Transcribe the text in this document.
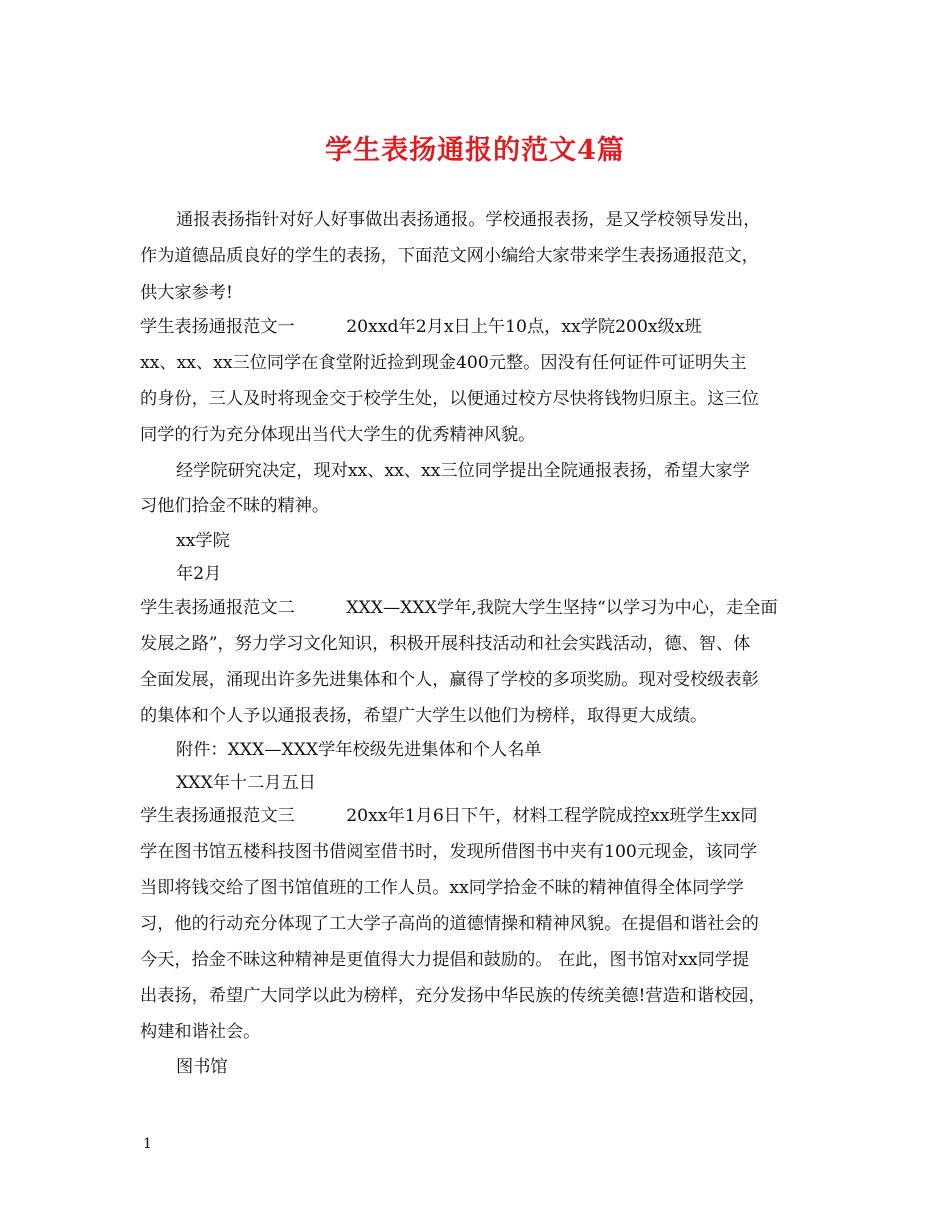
学生表扬通报的范文4篇
通报表扬指针对好人好事做出表扬通报。学校通报表扬，是又学校领导发出，
作为道德品质良好的学生的表扬，下面范文网小编给大家带来学生表扬通报范文，
供大家参考!
学生表扬通报范文一　　　20xxd年2月x日上午10点，xx学院200x级x班
xx、xx、xx三位同学在食堂附近捡到现金400元整。因没有任何证件可证明失主
的身份，三人及时将现金交于校学生处，以便通过校方尽快将钱物归原主。这三位
同学的行为充分体现出当代大学生的优秀精神风貌。
经学院研究决定，现对xx、xx、xx三位同学提出全院通报表扬，希望大家学
习他们拾金不昧的精神。
xx学院
年2月
学生表扬通报范文二　　　XXX—XXX学年,我院大学生坚持“以学习为中心，走全面
发展之路”，努力学习文化知识，积极开展科技活动和社会实践活动，德、智、体
全面发展，涌现出许多先进集体和个人，赢得了学校的多项奖励。现对受校级表彰
的集体和个人予以通报表扬，希望广大学生以他们为榜样，取得更大成绩。
附件：XXX—XXX学年校级先进集体和个人名单
XXX年十二月五日
学生表扬通报范文三　　　20xx年1月6日下午，材料工程学院成控xx班学生xx同
学在图书馆五楼科技图书借阅室借书时，发现所借图书中夹有100元现金，该同学
当即将钱交给了图书馆值班的工作人员。xx同学拾金不昧的精神值得全体同学学
习，他的行动充分体现了工大学子高尚的道德情操和精神风貌。在提倡和谐社会的
今天，拾金不昧这种精神是更值得大力提倡和鼓励的。 在此，图书馆对xx同学提
出表扬，希望广大同学以此为榜样，充分发扬中华民族的传统美德!营造和谐校园，
构建和谐社会。
图书馆
1
